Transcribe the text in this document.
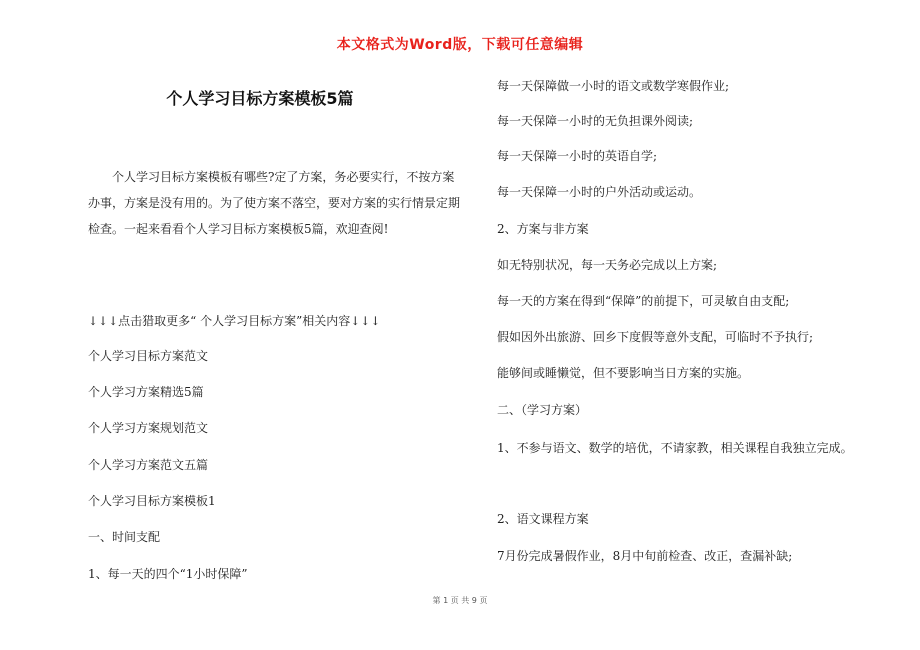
本文格式为Word版，下载可任意编辑
个人学习目标方案模板5篇

个人学习目标方案模板有哪些?定了方案，务必要实行，不按方案办事，方案是没有用的。为了使方案不落空，要对方案的实行情景定期检查。一起来看看个人学习目标方案模板5篇，欢迎查阅!

↓↓↓点击猎取更多“ 个人学习目标方案”相关内容↓↓↓
个人学习目标方案范文
个人学习方案精选5篇
个人学习方案规划范文
个人学习方案范文五篇
个人学习目标方案模板1
一、时间支配
1、每一天的四个“1小时保障”
每一天保障做一小时的语文或数学寒假作业;
每一天保障一小时的无负担课外阅读;
每一天保障一小时的英语自学;
每一天保障一小时的户外活动或运动。
2、方案与非方案
如无特别状况，每一天务必完成以上方案;
每一天的方案在得到“保障”的前提下，可灵敏自由支配;
假如因外出旅游、回乡下度假等意外支配，可临时不予执行;
能够间或睡懒觉，但不要影响当日方案的实施。
二、（学习方案）
1、不参与语文、数学的培优，不请家教，相关课程自我独立完成。
2、语文课程方案
7月份完成暑假作业，8月中旬前检查、改正，查漏补缺;
第 1 页 共 9 页
